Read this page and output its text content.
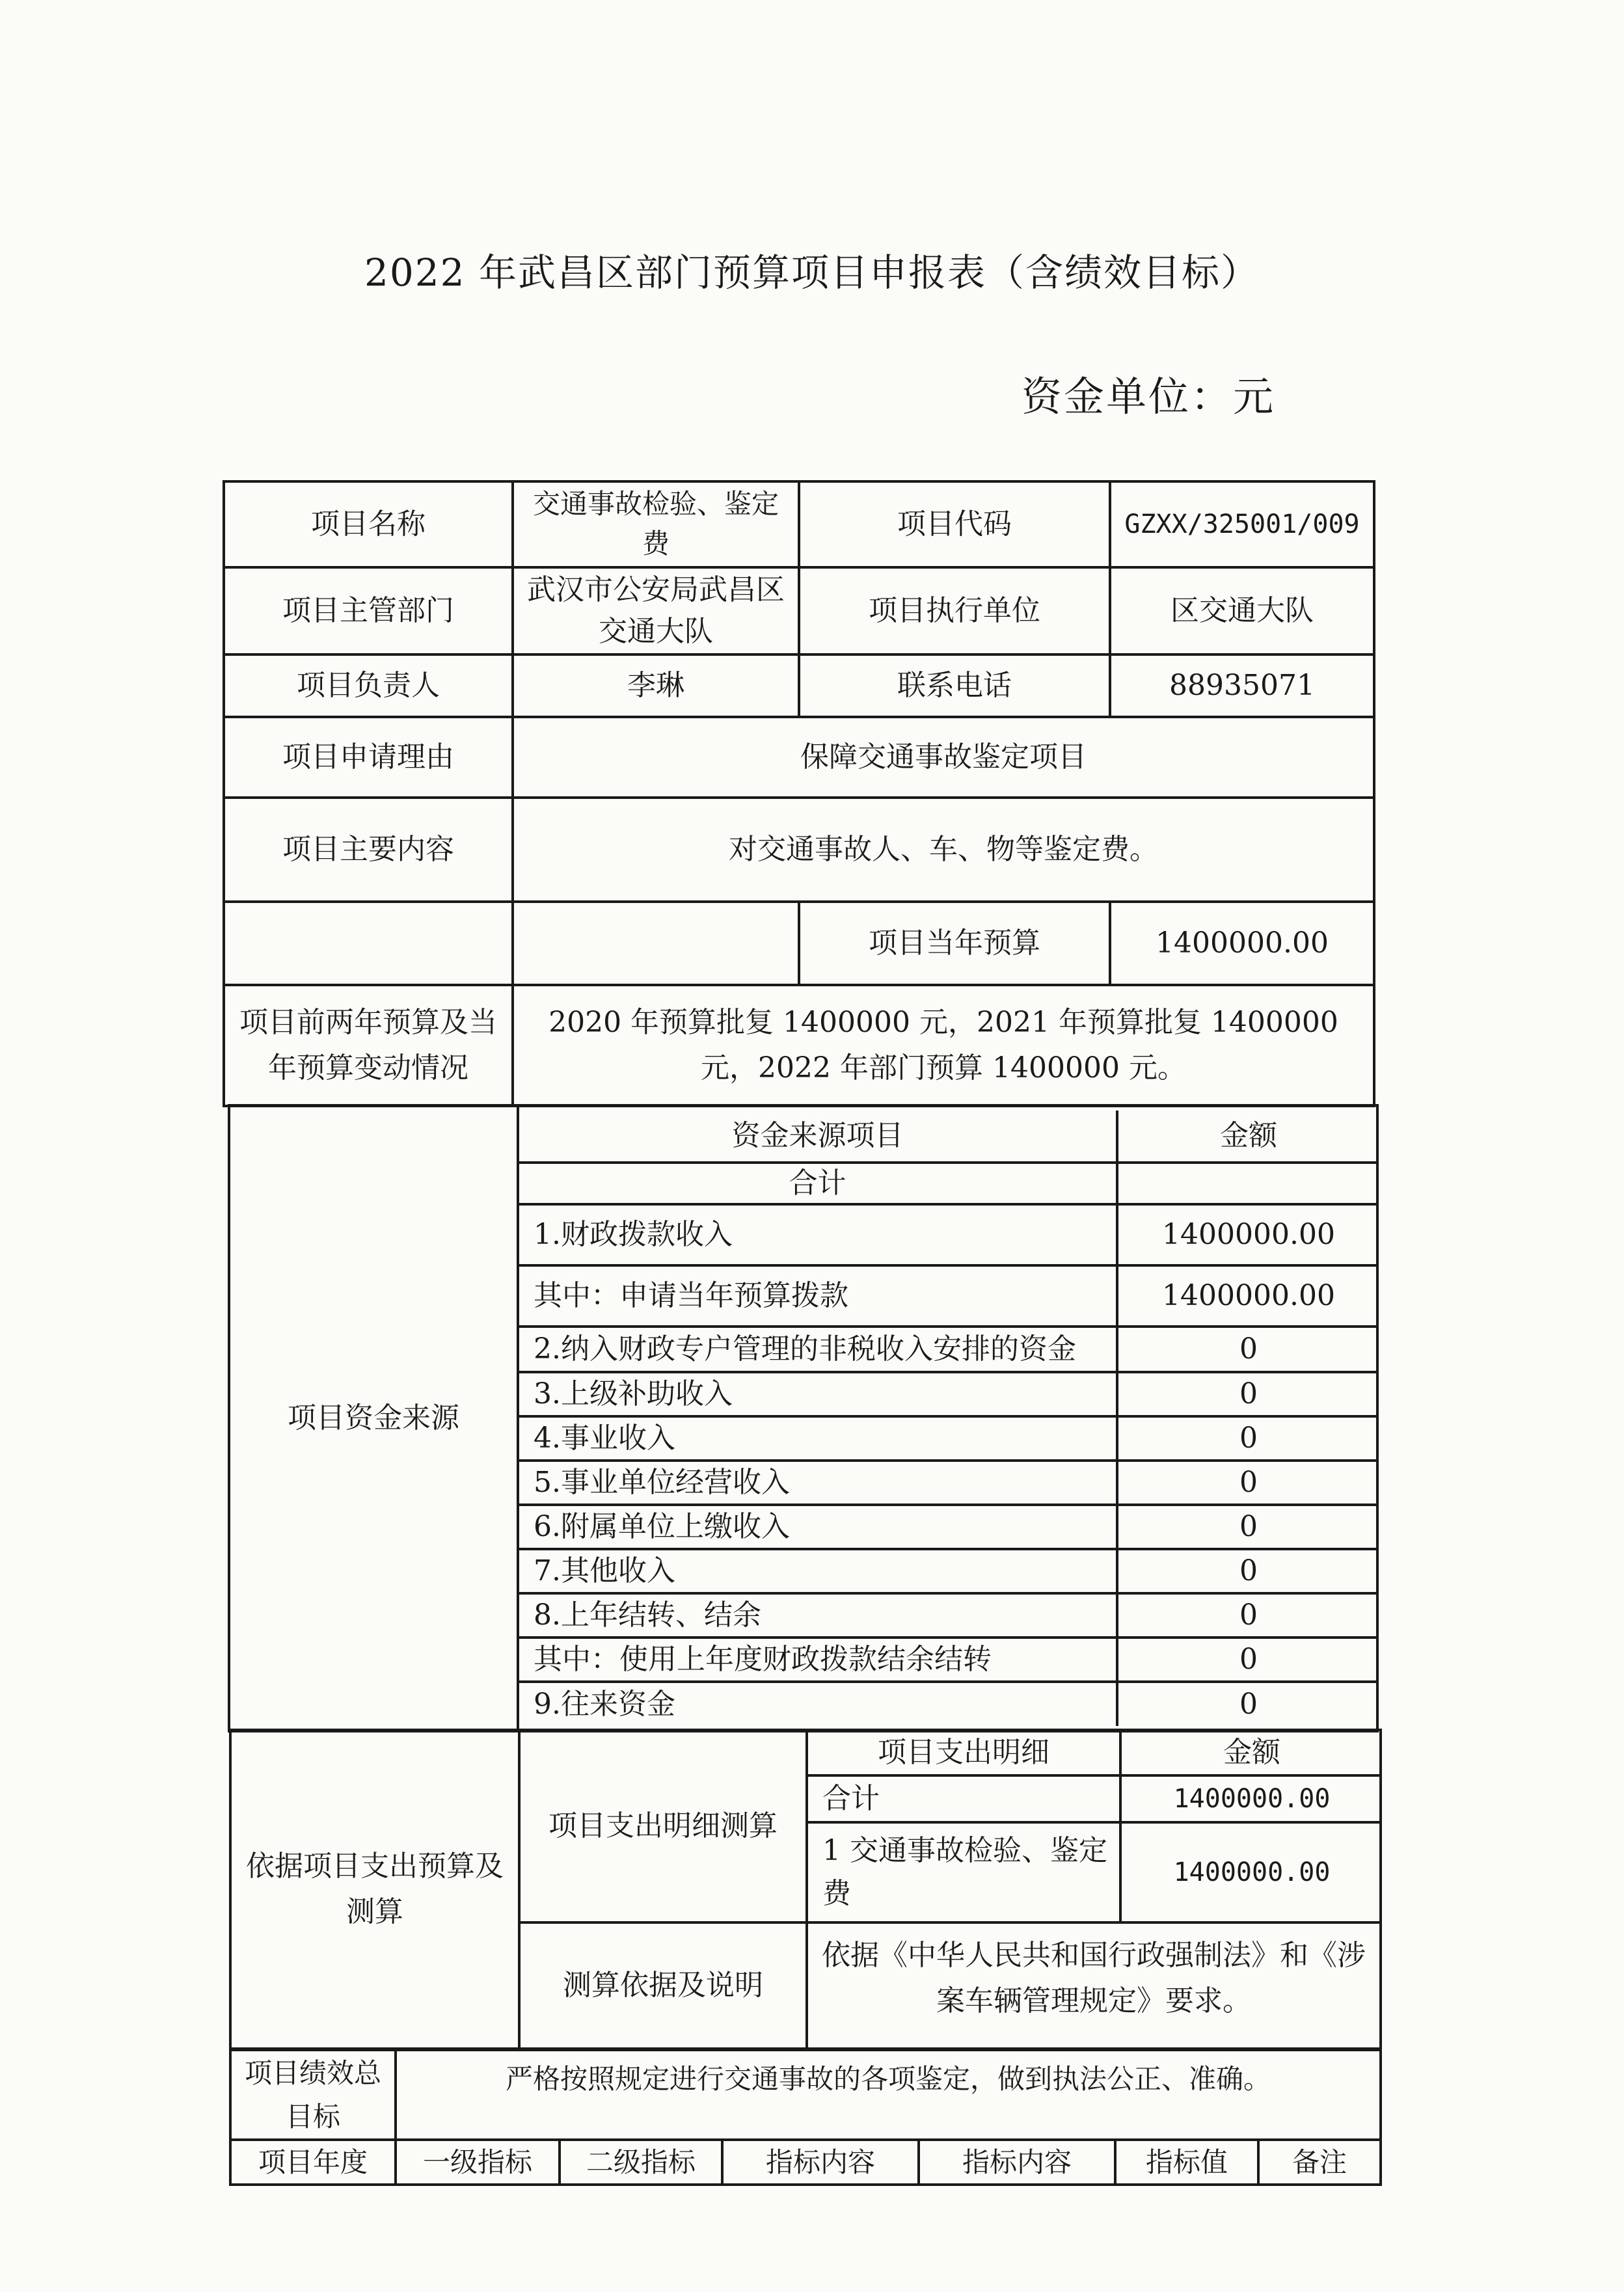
2022 年武昌区部门预算项目申报表（含绩效目标）
资金单位：元
项目名称	交通事故检验、鉴定费	项目代码	GZXX/325001/009
项目主管部门	武汉市公安局武昌区交通大队	项目执行单位	区交通大队
项目负责人	李琳	联系电话	88935071
项目申请理由	保障交通事故鉴定项目		
项目主要内容	对交通事故人、车、物等鉴定费。		
		项目当年预算	1400000.00
项目前两年预算及当年预算变动情况	2020 年预算批复 1400000 元，2021 年预算批复 1400000 元，2022 年部门预算 1400000 元。		
项目资金来源	
资金来源项目	金额
合计	
1.财政拨款收入	1400000.00
其中：申请当年预算拨款	1400000.00
2.纳入财政专户管理的非税收入安排的资金	0
3.上级补助收入	0
4.事业收入	0
5.事业单位经营收入	0
6.附属单位上缴收入	0
7.其他收入	0
8.上年结转、结余	0
其中：使用上年度财政拨款结余结转	0
9.往来资金	0
依据项目支出预算及测算	项目支出明细测算	
项目支出明细	金额
合计	1400000.00
1 交通事故检验、鉴定费	1400000.00

测算依据及说明	依据《中华人民共和国行政强制法》和《涉案车辆管理规定》要求。
项目绩效总目标	严格按照规定进行交通事故的各项鉴定，做到执法公正、准确。					
项目年度	一级指标	二级指标	指标内容	指标内容	指标值	备注
